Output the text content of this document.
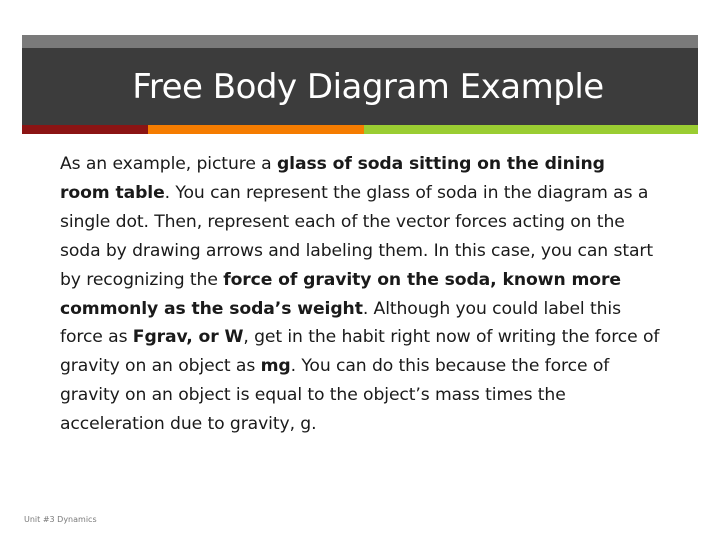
Free Body Diagram Example
As an example, picture a glass of soda sitting on the dining room table. You can represent the glass of soda in the diagram as a single dot. Then, represent each of the vector forces acting on the soda by drawing arrows and labeling them. In this case, you can start by recognizing the force of gravity on the soda, known more commonly as the soda’s weight. Although you could label this force as Fgrav, or W, get in the habit right now of writing the force of gravity on an object as mg. You can do this because the force of gravity on an object is equal to the object’s mass times the acceleration due to gravity, g.
Unit #3 Dynamics
